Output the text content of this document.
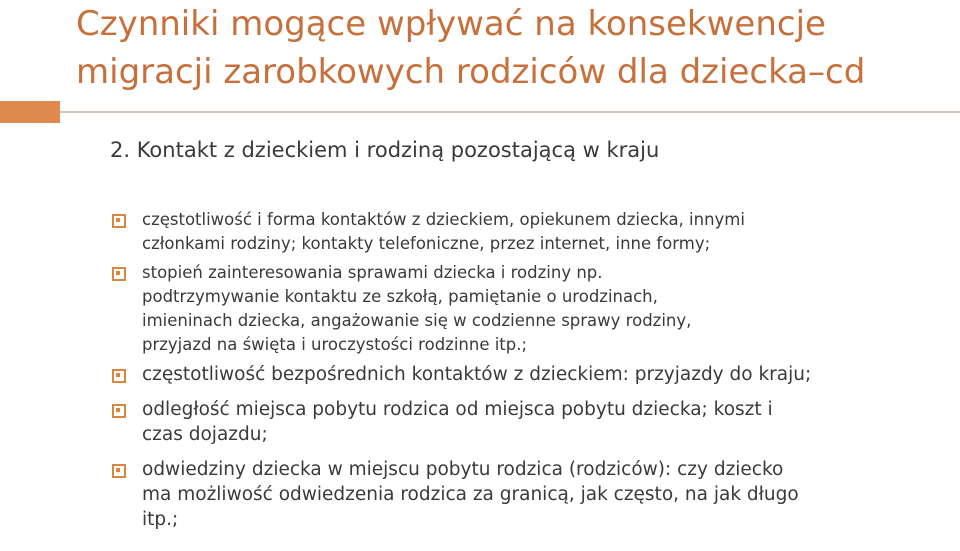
Czynniki mogące wpływać na konsekwencje
migracji zarobkowych rodziców dla dziecka–cd
2. Kontakt z dzieckiem i rodziną pozostającą w kraju
częstotliwość i forma kontaktów z dzieckiem, opiekunem dziecka, innymi
członkami rodziny; kontakty telefoniczne, przez internet, inne formy;
stopień zainteresowania sprawami dziecka i rodziny np.
podtrzymywanie kontaktu ze szkołą, pamiętanie o urodzinach,
imieninach dziecka, angażowanie się w codzienne sprawy rodziny,
przyjazd na święta i uroczystości rodzinne itp.;
częstotliwość bezpośrednich kontaktów z dzieckiem: przyjazdy do kraju;
odległość miejsca pobytu rodzica od miejsca pobytu dziecka; koszt i
czas dojazdu;
odwiedziny dziecka w miejscu pobytu rodzica (rodziców): czy dziecko
ma możliwość odwiedzenia rodzica za granicą, jak często, na jak długo
itp.;
